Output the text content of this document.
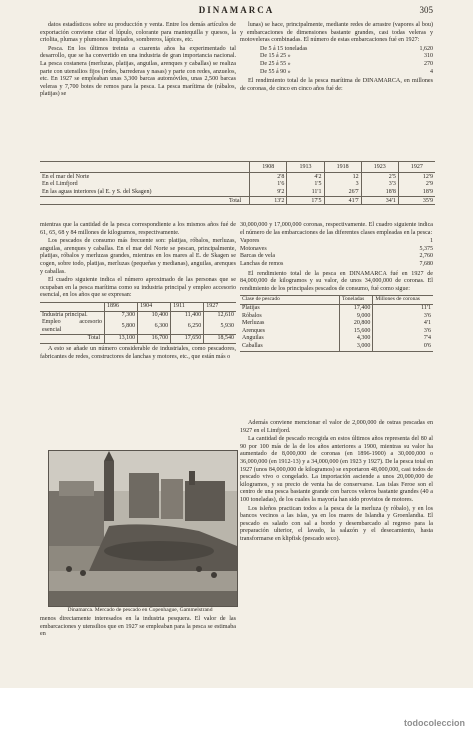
DINAMARCA	305

datos estadísticos sobre su producción y venta. Entre los demás artículos de exportación conviene citar el lúpulo, colorante para mantequilla y quesos, la criolita, plumas y plumones limpiados, sombreros, lápices, etc.

Pesca. En los últimos treinta a cuarenta años ha experimentado tal desarrollo, que se ha convertido en una industria de gran importancia nacional. La pesca costanera (merluzas, platijas, anguilas, arenques y caballas) se realiza parte con utensilios fijos (redes, barrederas y nasas) y parte con redes, anzuelos, etc. En 1927 se empleaban unas 3,300 barcas automóviles, unas 2,500 barcas veleras y 7,700 botes de remos para la pesca. La pesca marítima de (rábalos, platijas) se

lunas) se hace, principalmente, mediante redes de arrastre (vapores al bou) y embarcaciones de dimensiones bastante grandes, casi todas veleras y motoveleras combinadas. El número de estas embarcaciones fué en 1927:

De 5 á 15 toneladas	1,620
De 15 á 25 »	310
De 25 á 55 »	270
De 55 á 90 »	4

El rendimiento total de la pesca marítima de DINAMARCA, en millones de coronas, de cinco en cinco años fué de:

	1908	1913	1918	1923	1927
En el mar del Norte	2'8	4'2	12	2'5	12'9
En el Limfjord	1'6	1'5	3	3'3	2'9
En las aguas interiores (al E. y S. del Skagen)	9'2	11'1	26'7	18'8	18'9
Total	13'2	17'5	41'7	34'1	35'9

mientras que la cantidad de la pesca correspondiente a los mismos años fué de 61, 65, 68 y 84 millones de kilogramos, respectivamente.

Los pescados de consumo más frecuente son: platijas, róbalos, merluzas, anguilas, arenques y caballas. En el mar del Norte se pescan, principalmente, platijas, róbalos y merluzas grandes, mientras en los mares al E. de Skagen se cogen, sobre todo, platijas, merluzas (pequeñas y medianas), anguilas, arenques y caballas.

El cuadro siguiente indica el número aproximado de las personas que se ocupaban en la pesca marítima como su industria principal y empleo accesorio esencial, en los años que se expresan:

	1896	1904	1911	1927
Industria principal.	7,300	10,400	11,400	12,610
Empleo accesorio esencial	5,800	6,300	6,250	5,930
Total	13,100	16,700	17,650	18,540

A esto se añade un número considerable de industriales, como pescadores, fabricantes de redes, constructores de lanchas y motores, etc., que están más o

30,000,000 y 17,000,000 coronas, respectivamente. El cuadro siguiente indica el número de las embarcaciones de las diferentes clases empleadas en la pesca:

Vapores	1
Motonaves	5,375
Barcas de vela	2,760
Lanchas de remos	7,680

El rendimiento total de la pesca en DINAMARCA fué en 1927 de 84,000,000 de kilogramos y su valor, de unos 34,000,000 de coronas. El rendimiento de los principales pescados de consumo, fué como sigue:

Clase de pescado	Toneladas	Millones de coronas
Platijas	17,400	11'1
Róbalos	9,000	3'6
Merluzas	20,800	4'1
Arenques	15,600	3'6
Anguilas	4,300	7'4
Caballas	3,000	0'6

Además conviene mencionar el valor de 2,000,000 de ostras pescadas en 1927 en el Limfjord.

La cantidad de pescado recogida en estos últimos años representa del 80 al 90 por 100 más de la de los años anteriores a 1900, mientras su valor ha aumentado de 8,000,000 de coronas (en 1896-1900) a 30,000,000 o 36,000,000 (en 1912-13) y a 34,000,000 (en 1923 y 1927). De la pesca total en 1927 (unos 84,000,000 de kilogramos) se exportaron 48,000,000, casi todos de pescado vivo o congelado. La importación asciende a unos 20,000,000 de kilogramos, y su precio de venta ha de conservarse. Las islas Feroe son el centro de una pesca bastante grande con barcos veleros bastante grandes (40 a 100 toneladas), de los cuales la mayoría han sido provistos de motores.

Los isleños practican todos a la pesca de la merluza (y róbalo), y en los bancos vecinos a las islas, ya en los mares de Islandia y Groenlandia. El pescado es salado con sal a bordo y desembarcado al regreso para la preparación ulterior, el lavado, la salazón y el desecamiento, hasta transformarse en klipfisk (pescado seco).

Dinamarca. Mercado de pescado en Copenhague, Gammelstrand

menos directamente interesados en la industria pesquera. El valor de las embarcaciones y utensilios que en 1927 se empleaban para la pesca se estimaba en

todocoleccion
